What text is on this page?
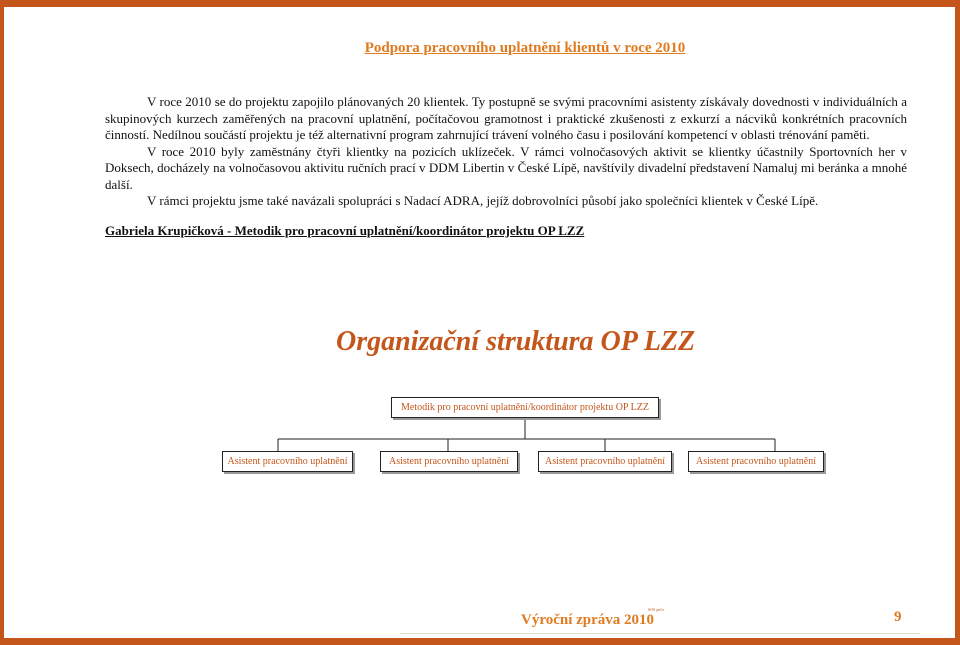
Podpora pracovního uplatnění klientů v roce 2010

V roce 2010 se do projektu zapojilo plánovaných 20 klientek. Ty postupně se svými pracovními asistenty získávaly dovednosti v individuálních a skupinových kurzech zaměřených na pracovní uplatnění, počítačovou gramotnost i praktické zkušenosti z exkurzí a nácviků konkrétních pracovních činností. Nedílnou součástí projektu je též alternativní program zahrnující trávení volného času i posilování kompetencí v oblasti trénování paměti.

V roce 2010 byly zaměstnány čtyři klientky na pozicích uklízeček. V rámci volnočasových aktivit se klientky účastnily Sportovních her v Doksech, docházely na volnočasovou aktivitu ručních prací v DDM Libertin v České Lípě, navštívily divadelní představení Namaluj mi beránka a mnohé další.

V rámci projektu jsme také navázali spolupráci s Nadací ADRA, jejíž dobrovolníci působí jako společníci klientek v České Lípě.

Gabriela Krupičková - Metodik pro pracovní uplatnění/koordinátor projektu OP LZZ
Organizační struktura OP LZZ
Metodik pro pracovní uplatnění/koordinátor projektu OP LZZ
Asistent pracovního uplatnění	Asistent pracovního uplatnění	Asistent pracovního uplatnění	Asistent pracovního uplatnění
Výroční zpráva 2010
SOS pečo	9
